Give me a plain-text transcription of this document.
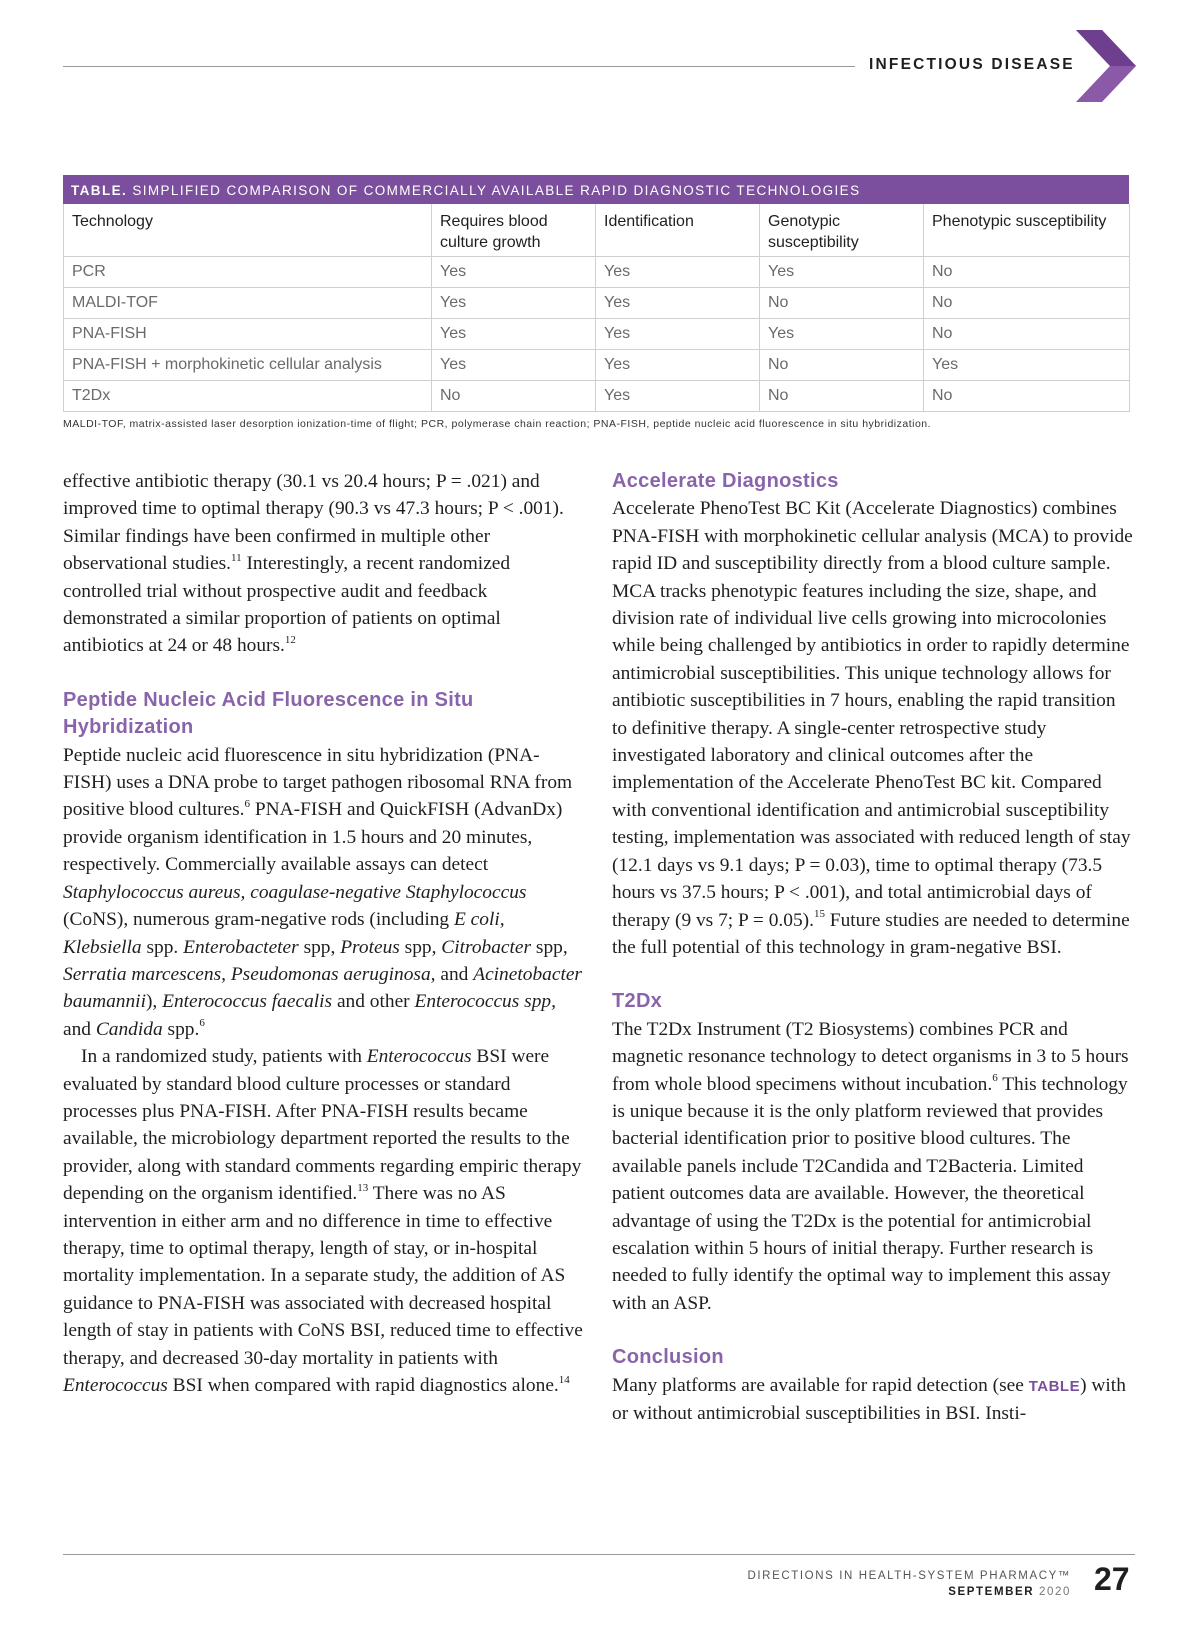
INFECTIOUS DISEASE
TABLE. SIMPLIFIED COMPARISON OF COMMERCIALLY AVAILABLE RAPID DIAGNOSTIC TECHNOLOGIES
Technology	Requires blood culture growth	Identification	Genotypic susceptibility	Phenotypic susceptibility
PCR	Yes	Yes	Yes	No
MALDI-TOF	Yes	Yes	No	No
PNA-FISH	Yes	Yes	Yes	No
PNA-FISH + morphokinetic cellular analysis	Yes	Yes	No	Yes
T2Dx	No	Yes	No	No
MALDI-TOF, matrix-assisted laser desorption ionization-time of flight; PCR, polymerase chain reaction; PNA-FISH, peptide nucleic acid fluorescence in situ hybridization.

effective antibiotic therapy (30.1 vs 20.4 hours; P = .021) and improved time to optimal therapy (90.3 vs 47.3 hours; P < .001). Similar findings have been confirmed in multiple other observational studies.$^{11}$ Interestingly, a recent randomized controlled trial without prospective audit and feedback demonstrated a similar proportion of patients on optimal antibiotics at 24 or 48 hours.$^{12}$

Peptide Nucleic Acid Fluorescence in Situ Hybridization

Peptide nucleic acid fluorescence in situ hybridization (PNA-FISH) uses a DNA probe to target pathogen ribosomal RNA from positive blood cultures.$^6$ PNA-FISH and QuickFISH (AdvanDx) provide organism identification in 1.5 hours and 20 minutes, respectively. Commercially available assays can detect Staphylococcus aureus, coagulase-negative Staphylococcus (CoNS), numerous gram-negative rods (including E coli, Klebsiella spp. Enterobacteter spp, Proteus spp, Citrobacter spp, Serratia marcescens, Pseudomonas aeruginosa, and Acinetobacter baumannii), Enterococcus faecalis and other Enterococcus spp, and Candida spp.$^6$

In a randomized study, patients with Enterococcus BSI were evaluated by standard blood culture processes or standard processes plus PNA-FISH. After PNA-FISH results became available, the microbiology department reported the results to the provider, along with standard comments regarding empiric therapy depending on the organism identified.$^{13}$ There was no AS intervention in either arm and no difference in time to effective therapy, time to optimal therapy, length of stay, or in-hospital mortality implementation. In a separate study, the addition of AS guidance to PNA-FISH was associated with decreased hospital length of stay in patients with CoNS BSI, reduced time to effective therapy, and decreased 30-day mortality in patients with Enterococcus BSI when compared with rapid diagnostics alone.$^{14}$

Accelerate Diagnostics

Accelerate PhenoTest BC Kit (Accelerate Diagnostics) combines PNA-FISH with morphokinetic cellular analysis (MCA) to provide rapid ID and susceptibility directly from a blood culture sample. MCA tracks phenotypic features including the size, shape, and division rate of individual live cells growing into microcolonies while being challenged by antibiotics in order to rapidly determine antimicrobial susceptibilities. This unique technology allows for antibiotic susceptibilities in 7 hours, enabling the rapid transition to definitive therapy. A single-center retrospective study investigated laboratory and clinical outcomes after the implementation of the Accelerate PhenoTest BC kit. Compared with conventional identification and antimicrobial susceptibility testing, implementation was associated with reduced length of stay (12.1 days vs 9.1 days; P = 0.03), time to optimal therapy (73.5 hours vs 37.5 hours; P < .001), and total antimicrobial days of therapy (9 vs 7; P = 0.05).$^{15}$ Future studies are needed to determine the full potential of this technology in gram-negative BSI.

T2Dx

The T2Dx Instrument (T2 Biosystems) combines PCR and magnetic resonance technology to detect organisms in 3 to 5 hours from whole blood specimens without incubation.$^6$ This technology is unique because it is the only platform reviewed that provides bacterial identification prior to positive blood cultures. The available panels include T2Candida and T2Bacteria. Limited patient outcomes data are available. However, the theoretical advantage of using the T2Dx is the potential for antimicrobial escalation within 5 hours of initial therapy. Further research is needed to fully identify the optimal way to implement this assay with an ASP.

Conclusion

Many platforms are available for rapid detection (see TABLE) with or without antimicrobial susceptibilities in BSI. Insti-

DIRECTIONS IN HEALTH-SYSTEM PHARMACY™
SEPTEMBER 2020 27
